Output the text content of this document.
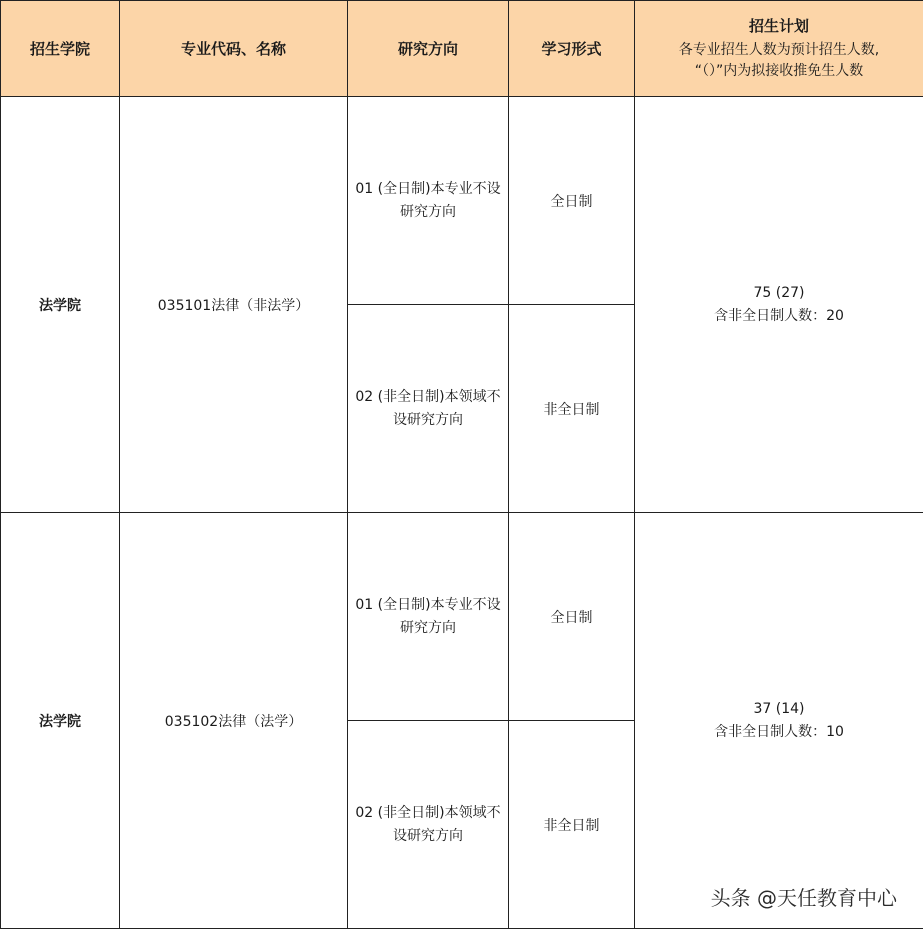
招生学院	专业代码、名称	研究方向	学习形式	招生计划
各专业招生人数为预计招生人数,
“（）”内为拟接收推免生人数

法学院	035101法律（非法学）	01 (全日制)本专业不设研究方向	全日制	75 (27)
含非全日制人数：20

		02 (非全日制)本领域不设研究方向	非全日制	
法学院	035102法律（法学）	01 (全日制)本专业不设研究方向	全日制	37 (14)
含非全日制人数：10

		02 (非全日制)本领域不设研究方向	非全日制	
头条 @天任教育中心
